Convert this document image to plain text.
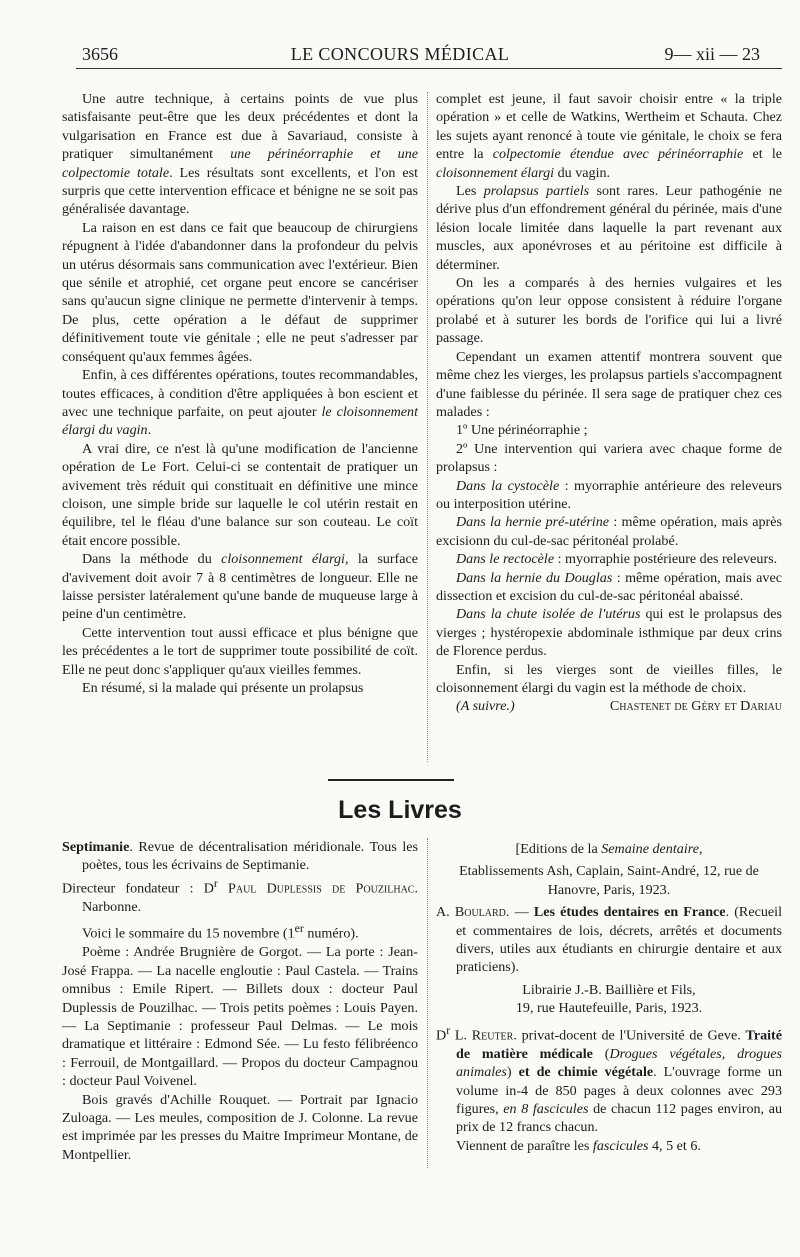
3656	LE CONCOURS MÉDICAL	9— xii — 23

Une autre technique, à certains points de vue plus satisfaisante peut-être que les deux précédentes et dont la vulgarisation en France est due à Savariaud, consiste à pratiquer simultanément une périnéorraphie et une colpectomie totale. Les résultats sont excellents, et l'on est surpris que cette intervention efficace et bénigne ne se soit pas généralisée davantage.

La raison en est dans ce fait que beaucoup de chirurgiens répugnent à l'idée d'abandonner dans la profondeur du pelvis un utérus désormais sans communication avec l'extérieur. Bien que sénile et atrophié, cet organe peut encore se cancériser sans qu'aucun signe clinique ne permette d'intervenir à temps. De plus, cette opération a le défaut de supprimer définitivement toute vie génitale ; elle ne peut s'adresser par conséquent qu'aux femmes âgées.

Enfin, à ces différentes opérations, toutes recommandables, toutes efficaces, à condition d'être appliquées à bon escient et avec une technique parfaite, on peut ajouter le cloisonnement élargi du vagin.

A vrai dire, ce n'est là qu'une modification de l'ancienne opération de Le Fort. Celui-ci se contentait de pratiquer un avivement très réduit qui constituait en définitive une mince cloison, une simple bride sur laquelle le col utérin restait en équilibre, tel le fléau d'une balance sur son couteau. Le coït était encore possible.

Dans la méthode du cloisonnement élargi, la surface d'avivement doit avoir 7 à 8 centimètres de longueur. Elle ne laisse persister latéralement qu'une bande de muqueuse large à peine d'un centimètre.

Cette intervention tout aussi efficace et plus bénigne que les précédentes a le tort de supprimer toute possibilité de coït. Elle ne peut donc s'appliquer qu'aux vieilles femmes.

En résumé, si la malade qui présente un prolapsus

complet est jeune, il faut savoir choisir entre « la triple opération » et celle de Watkins, Wertheim et Schauta. Chez les sujets ayant renoncé à toute vie génitale, le choix se fera entre la colpectomie étendue avec périnéorraphie et le cloisonnement élargi du vagin.

Les prolapsus partiels sont rares. Leur pathogénie ne dérive plus d'un effondrement général du périnée, mais d'une lésion locale limitée dans laquelle la part revenant aux muscles, aux aponévroses et au péritoine est difficile à déterminer.

On les a comparés à des hernies vulgaires et les opérations qu'on leur oppose consistent à réduire l'organe prolabé et à suturer les bords de l'orifice qui lui a livré passage.

Cependant un examen attentif montrera souvent que même chez les vierges, les prolapsus partiels s'accompagnent d'une faiblesse du périnée. Il sera sage de pratiquer chez ces malades :

1º Une périnéorraphie ;

2º Une intervention qui variera avec chaque forme de prolapsus :

Dans la cystocèle : myorraphie antérieure des releveurs ou interposition utérine.

Dans la hernie pré-utérine : même opération, mais après excisionn du cul-de-sac péritonéal prolabé.

Dans le rectocèle : myorraphie postérieure des releveurs.

Dans la hernie du Douglas : même opération, mais avec dissection et excision du cul-de-sac péritonéal abaissé.

Dans la chute isolée de l'utérus qui est le prolapsus des vierges ; hystéropexie abdominale isthmique par deux crins de Florence perdus.

Enfin, si les vierges sont de vieilles filles, le cloisonnement élargi du vagin est la méthode de choix.

(A suivre.)	Chastenet de Géry et Dariau

Les Livres

Septimanie. Revue de décentralisation méridionale. Tous les poètes, tous les écrivains de Septimanie.

Directeur fondateur : $D^r$ Paul Duplessis de Pouzilhac. Narbonne.

Voici le sommaire du 15 novembre (1er numéro).

Poème : Andrée Brugnière de Gorgot. — La porte : Jean-José Frappa. — La nacelle engloutie : Paul Castela. — Trains omnibus : Emile Ripert. — Billets doux : docteur Paul Duplessis de Pouzilhac. — Trois petits poèmes : Louis Payen. — La Septimanie : professeur Paul Delmas. — Le mois dramatique et littéraire : Edmond Sée. — Lu festo félibréenco : Ferrouil, de Montgaillard. — Propos du docteur Campagnou : docteur Paul Voivenel.

Bois gravés d'Achille Rouquet. — Portrait par Ignacio Zuloaga. — Les meules, composition de J. Colonne. La revue est imprimée par les presses du Maitre Imprimeur Montane, de Montpellier.

[Editions de la Semaine dentaire,

Etablissements Ash, Caplain, Saint-André, 12, rue de Hanovre, Paris, 1923.

A. Boulard. — Les études dentaires en France. (Recueil et commentaires de lois, décrets, arrêtés et documents divers, utiles aux étudiants en chirurgie dentaire et aux praticiens).

Librairie J.-B. Baillière et Fils,

19, rue Hautefeuille, Paris, 1923.

$D^r$ L. Reuter. privat-docent de l'Université de Geve. Traité de matière médicale (Drogues végétales, drogues animales) et de chimie végétale. L'ouvrage forme un volume in-4 de 850 pages à deux colonnes avec 293 figures, en 8 fascicules de chacun 112 pages environ, au prix de 12 francs chacun.

Viennent de paraître les fascicules 4, 5 et 6.
